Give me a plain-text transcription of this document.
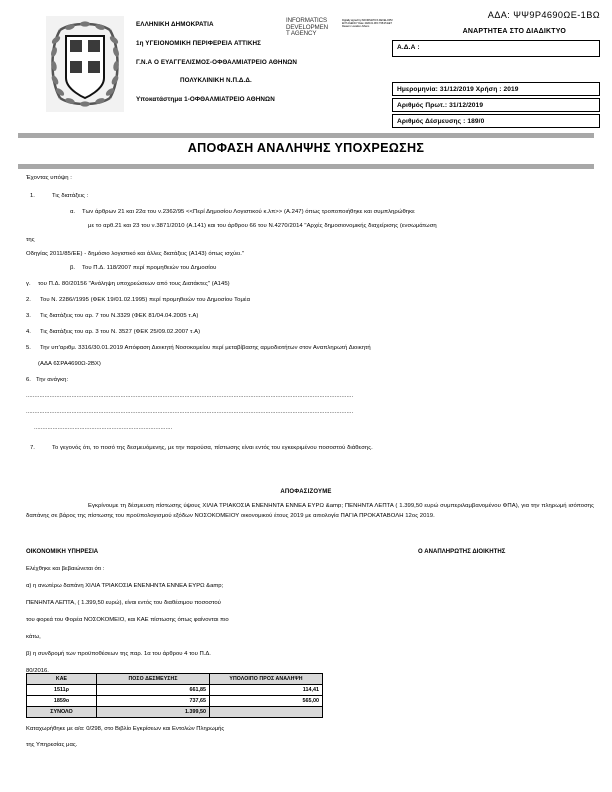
ΕΛΛΗΝΙΚΗ ΔΗΜΟΚΡΑΤΙΑ
1η ΥΓΕΙΟΝΟΜΙΚΗ ΠΕΡΙΦΕΡΕΙΑ ΑΤΤΙΚΗΣ
Γ.Ν.Α Ο ΕΥΑΓΓΕΛΙΣΜΟΣ-ΟΦΘΑΛΜΙΑΤΡΕΙΟ ΑΘΗΝΩΝ
ΠΟΛΥΚΛΙΝΙΚΗ Ν.Π.Δ.Δ.
Υποκατάστημα 1-ΟΦΘΑΛΜΙΑΤΡΕΙΟ ΑΘΗΝΩΝ
INFORMATICS
DEVELOPMEN
T AGENCY
Digitally signed by INFORMATICS DEVELOPMENT AGENCY Date: 2020.01.08 17:58:15 EET Reason: Location: Athens
ΑΔΑ: ΨΨ9Ρ4690ΩΕ-1ΒΩ
ΑΝΑΡΤΗΤΕΑ ΣΤΟ ΔΙΑΔΙΚΤΥΟ
Α.Δ.Α :
Ημερομηνία: 31/12/2019 Χρήση : 2019
Αριθμός Πρωτ.: 31/12/2019
Αριθμός Δέσμευσης : 189/0
ΑΠΟΦΑΣΗ ΑΝΑΛΗΨΗΣ ΥΠΟΧΡΕΩΣΗΣ
Έχοντας υπόψη :
1.	Τις διατάξεις :
α. Των άρθρων 21 και 22α του ν.2362/95 <<Περί Δημοσίου Λογιστικού κ.λπ>> (Α.247) όπως τροποποιήθηκε και συμπληρώθηκε
με το αρθ.21 και 23 του ν.3871/2010 (Α.141) και του άρθρου 66 του Ν.4270/2014 "Αρχές δημοσιονομικής διαχείρισης (ενσωμάτωση
της
Οδηγίας 2011/85/ΕΕ) - δημόσιο λογιστικό και άλλες διατάξεις (Α143) όπως ισχύει."
β. Του Π.Δ. 118/2007 περί προμηθειών του Δημοσίου
γ. του Π.Δ. 80/20156 "Ανάληψη υποχρεώσεων από τους Διατάκτες" (Α145)
2. Του Ν. 2286//1995 (ΦΕΚ 19/01.02.1995) περί προμηθειών του Δημοσίου Τομέα
3. Τις διατάξεις του αρ. 7 του Ν.3329 (ΦΕΚ 81/04.04.2005 τ.Α)
4. Τις διατάξεις του αρ. 3 του Ν. 3527 (ΦΕΚ 25/09.02.2007 τ.Α)
5. Την υπ'αριθμ. 3316/30.01.2019 Απόφαση Διοικητή Νοσοκομείου περί μεταβίβασης αρμοδιοτήτων στον Αναπληρωτή Διοικητή
(ΑΔΑ 6ΣΡΑ4690Ω-2ΒΧ)
6. Την ανάγκη:
..................................................................................................................................................................................................
..................................................................................................................................................................................................
..................................................................................
7.	Το γεγονός ότι, το ποσό της δεσμευόμενης, με την παρούσα, πίστωσης είναι εντός του εγκεκριμένου ποσοστού διάθεσης.
ΑΠΟΦΑΣΙΖΟΥΜΕ
Εγκρίνουμε τη δέσμευση πίστωσης ύψους ΧΙΛΙΑ ΤΡΙΑΚΟΣΙΑ ΕΝΕΝΗΝΤΑ ΕΝΝΕΑ ΕΥΡΩ &amp; ΠΕΝΗΝΤΑ ΛΕΠΤΑ ( 1.399,50 ευρώ συμπεριλαμβανομένου ΦΠΑ), για την πληρωμή ισόποσης δαπάνης σε βάρος της πίστωσης του προϋπολογισμού εξόδων ΝΟΣΟΚΟΜΕΙΟΥ οικονομικού έτους 2019 με αιτιολογία ΠΑΓΙΑ ΠΡΟΚΑΤΑΒΟΛΗ 12ος 2019.
ΟΙΚΟΝΟΜΙΚΗ ΥΠΗΡΕΣΙΑ	Ο ΑΝΑΠΛΗΡΩΤΗΣ ΔΙΟΙΚΗΤΗΣ
Ελέχθηκε και βεβαιώνεται ότι :
α) η ανωτέρω δαπάνη ΧΙΛΙΑ ΤΡΙΑΚΟΣΙΑ ΕΝΕΝΗΝΤΑ ΕΝΝΕΑ ΕΥΡΩ &amp;
ΠΕΝΗΝΤΑ ΛΕΠΤΑ, ( 1.399,50 ευρώ), είναι εντός του διαθέσιμου ποσοστού
του φορεά του Φορέα ΝΟΣΟΚΟΜΕΙΟ, και ΚΑΕ πίστωσης όπως φαίνονται πιο
κάτω,
β) η συνδρομή των προϋποθέσεων της παρ. 1α του άρθρου 4 του Π.Δ.
80/2016.
ΚΑΕ	ΠΟΣΟ ΔΕΣΜΕΥΣΗΣ	ΥΠΟΛΟΙΠΟ ΠΡΟΣ ΑΝΑΛΗΨΗ
1511ρ	661,85	114,41
1859ο	737,65	565,00
ΣΥΝΟΛΟ	1.399,50	
Καταχωρήθηκε με α/α: 0/298, στο Βιβλίο Εγκρίσεων και Εντολών Πληρωμής
της Υπηρεσίας μας.
